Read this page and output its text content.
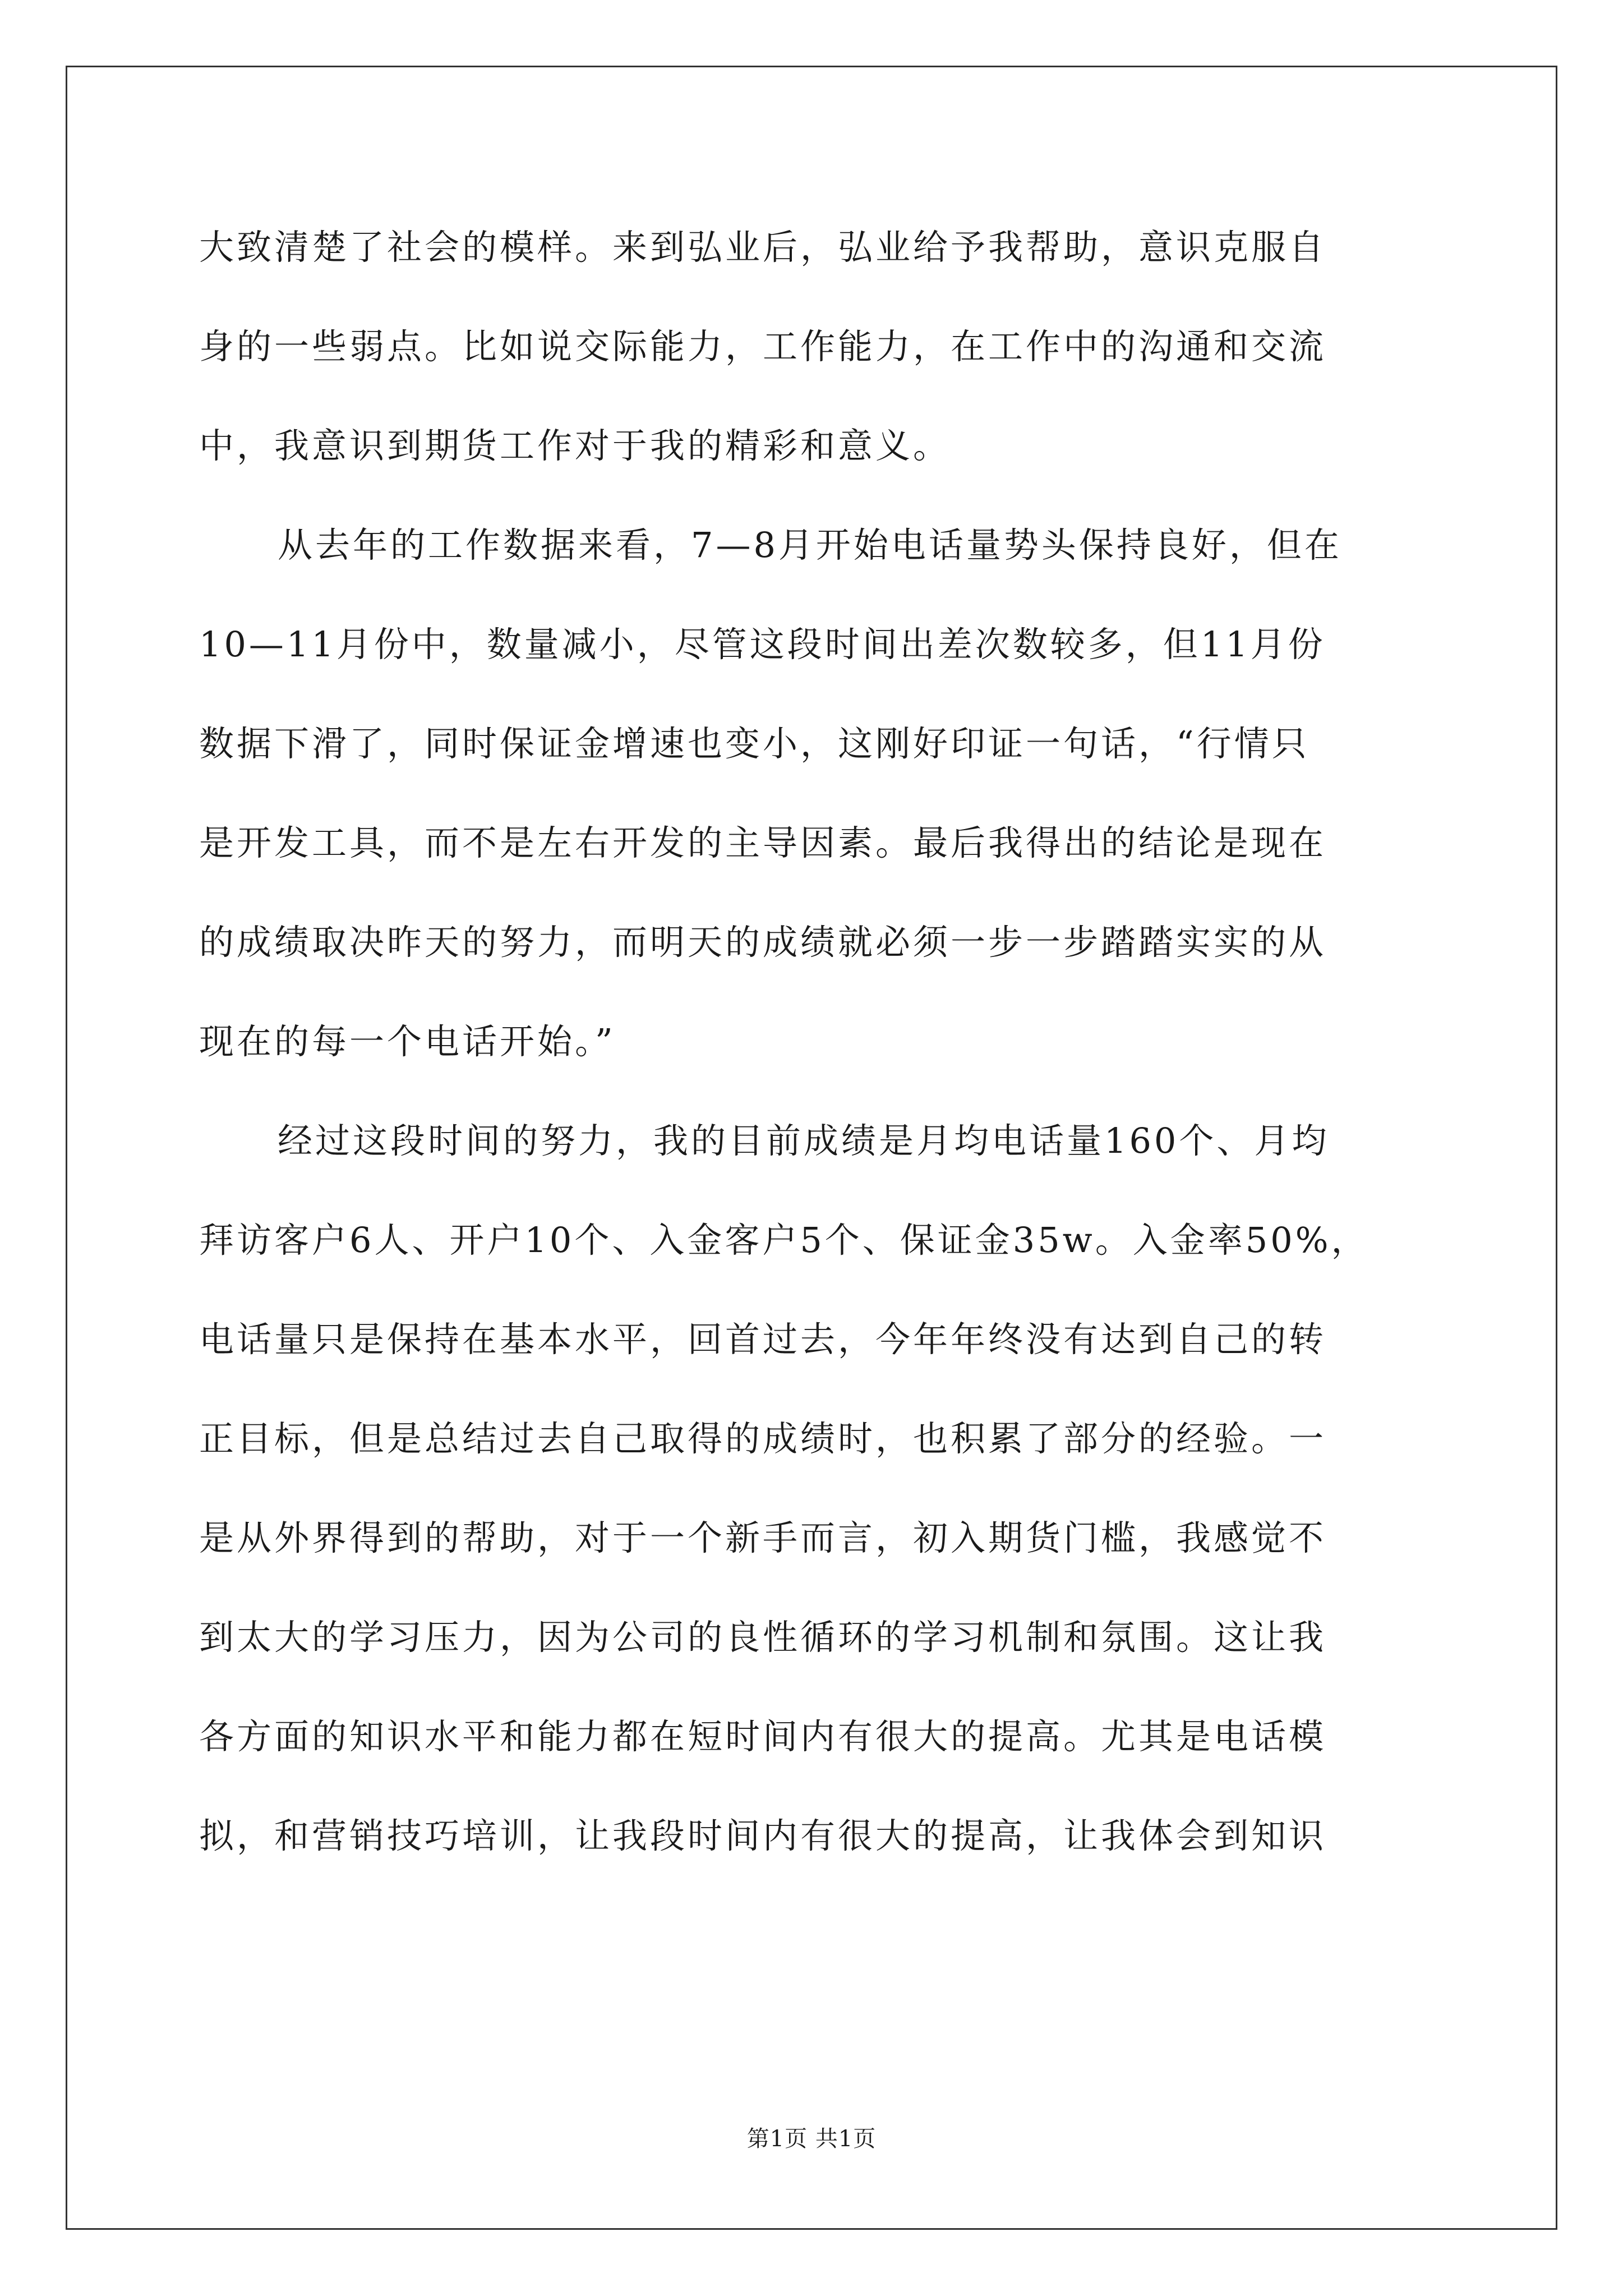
大致清楚了社会的模样。来到弘业后，弘业给予我帮助，意识克服自
身的一些弱点。比如说交际能力，工作能力，在工作中的沟通和交流
中，我意识到期货工作对于我的精彩和意义。
从去年的工作数据来看，7—8月开始电话量势头保持良好，但在
10—11月份中，数量减小，尽管这段时间出差次数较多，但11月份
数据下滑了，同时保证金增速也变小，这刚好印证一句话，“行情只
是开发工具，而不是左右开发的主导因素。最后我得出的结论是现在
的成绩取决昨天的努力，而明天的成绩就必须一步一步踏踏实实的从
现在的每一个电话开始。”
经过这段时间的努力，我的目前成绩是月均电话量160个、月均
拜访客户6人、开户10个、入金客户5个、保证金35w。入金率50%，
电话量只是保持在基本水平，回首过去，今年年终没有达到自己的转
正目标，但是总结过去自己取得的成绩时，也积累了部分的经验。一
是从外界得到的帮助，对于一个新手而言，初入期货门槛，我感觉不
到太大的学习压力，因为公司的良性循环的学习机制和氛围。这让我
各方面的知识水平和能力都在短时间内有很大的提高。尤其是电话模
拟，和营销技巧培训，让我段时间内有很大的提高，让我体会到知识
第1页 共1页
